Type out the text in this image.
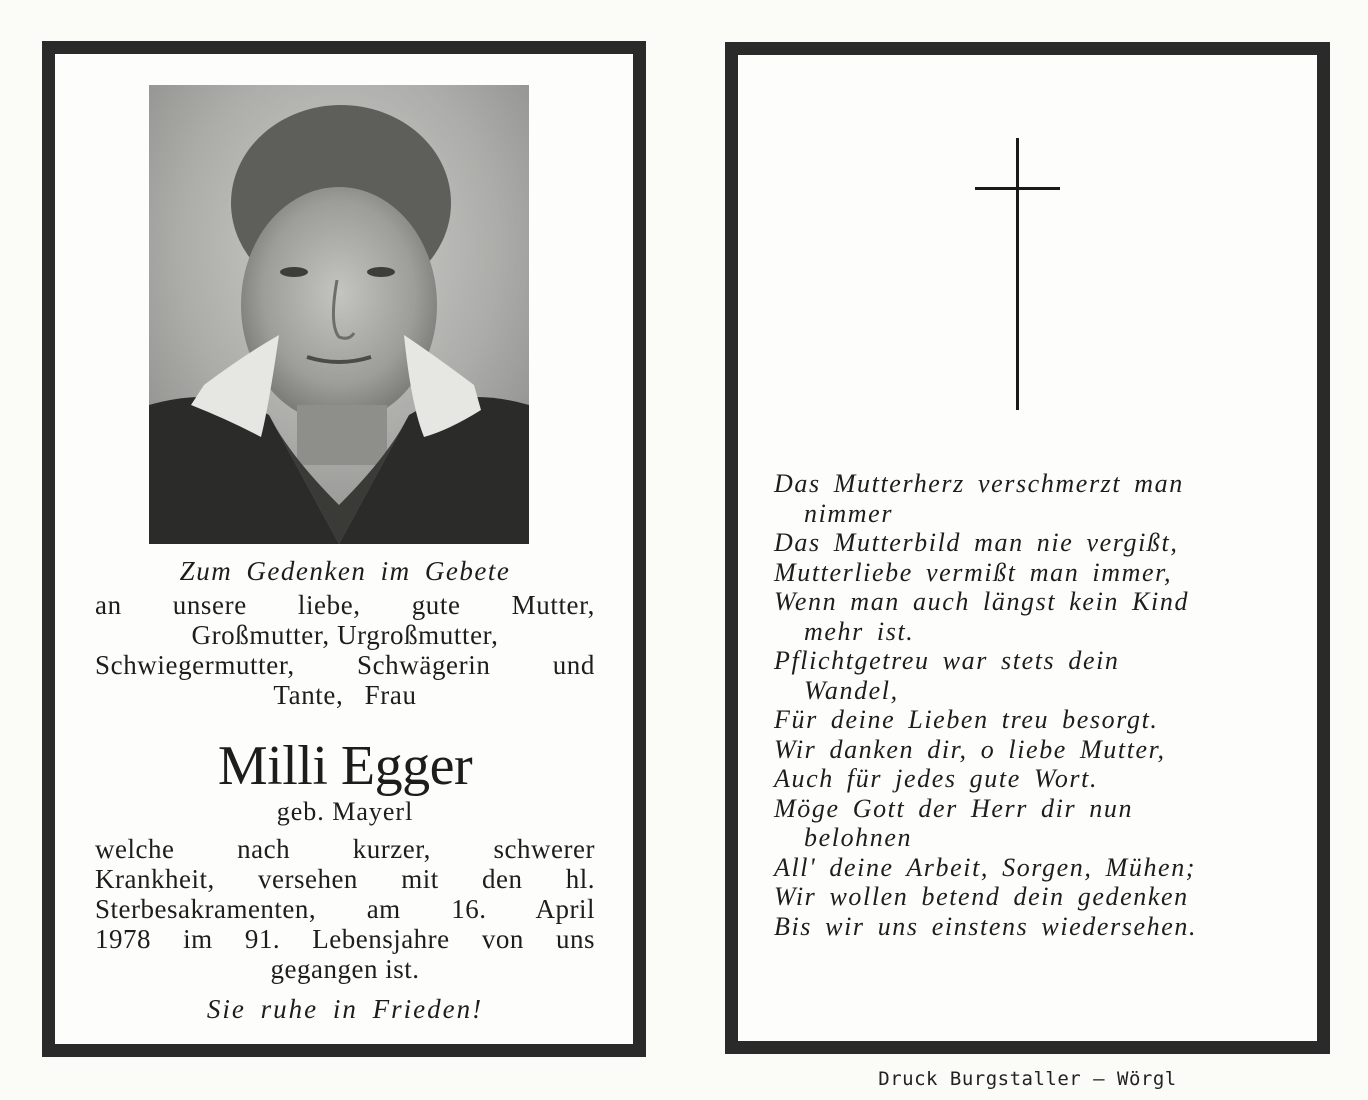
Zum Gedenken im Gebete
an unsere liebe, gute Mutter,
Großmutter, Urgroßmutter,
Schwiegermutter, Schwägerin und
Tante, Frau
Milli Egger
geb. Mayerl
welche nach kurzer, schwerer
Krankheit, versehen mit den hl.
Sterbesakramenten, am 16. April
1978 im 91. Lebensjahre von uns
gegangen ist.
Sie ruhe in Frieden!
Das Mutterherz verschmerzt man
nimmer
Das Mutterbild man nie vergißt,
Mutterliebe vermißt man immer,
Wenn man auch längst kein Kind
mehr ist.
Pflichtgetreu war stets dein
Wandel,
Für deine Lieben treu besorgt.
Wir danken dir, o liebe Mutter,
Auch für jedes gute Wort.
Möge Gott der Herr dir nun
belohnen
All' deine Arbeit, Sorgen, Mühen;
Wir wollen betend dein gedenken
Bis wir uns einstens wiedersehen.
Druck Burgstaller — Wörgl
